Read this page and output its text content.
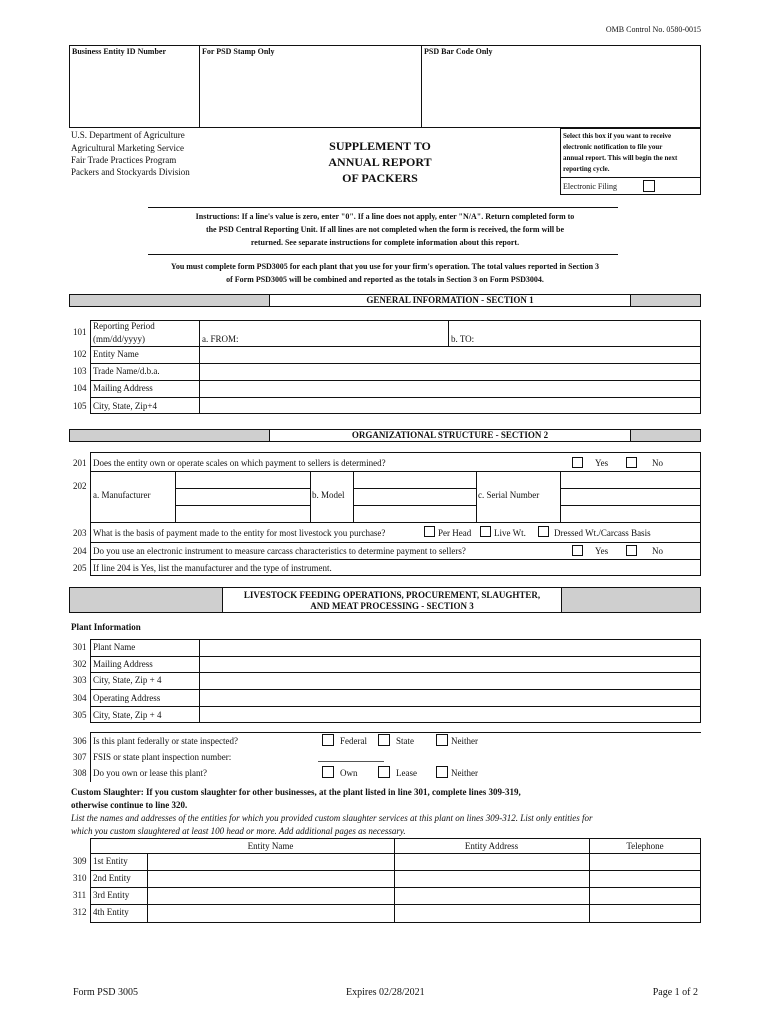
OMB Control No. 0580-0015
Business Entity ID Number	For PSD Stamp Only	PSD Bar Code Only
U.S. Department of Agriculture
Agricultural Marketing Service
Fair Trade Practices Program
Packers and Stockyards Division
SUPPLEMENT TO
ANNUAL REPORT
OF PACKERS
Select this box if you want to receive
electronic notification to file your
annual report. This will begin the next
reporting cycle.
Electronic Filing
Instructions: If a line's value is zero, enter "0". If a line does not apply, enter "N/A". Return completed form to
the PSD Central Reporting Unit. If all lines are not completed when the form is received, the form will be
returned. See separate instructions for complete information about this report.
You must complete form PSD3005 for each plant that you use for your firm's operation. The total values reported in Section 3
of Form PSD3005 will be combined and reported as the totals in Section 3 on Form PSD3004.
GENERAL INFORMATION - SECTION 1
101
Reporting Period
(mm/dd/yyyy)	a. FROM:	b. TO:
102 Entity Name
103 Trade Name/d.b.a.
104 Mailing Address
105 City, State, Zip+4
ORGANIZATIONAL STRUCTURE - SECTION 2
201 Does the entity own or operate scales on which payment to sellers is determined?	Yes	No
202
a. Manufacturer	b. Model	c. Serial Number
203 What is the basis of payment made to the entity for most livestock you purchase?	Per Head	Live Wt.	Dressed Wt./Carcass Basis
204 Do you use an electronic instrument to measure carcass characteristics to determine payment to sellers?	Yes	No
205 If line 204 is Yes, list the manufacturer and the type of instrument.
LIVESTOCK FEEDING OPERATIONS, PROCUREMENT, SLAUGHTER,
AND MEAT PROCESSING - SECTION 3
Plant Information
301 Plant Name
302 Mailing Address
303 City, State, Zip + 4
304 Operating Address
305 City, State, Zip + 4
306 Is this plant federally or state inspected?	Federal	State	Neither
307 FSIS or state plant inspection number:
308 Do you own or lease this plant?	Own	Lease	Neither
Custom Slaughter: If you custom slaughter for other businesses, at the plant listed in line 301, complete lines 309-319,
otherwise continue to line 320.
List the names and addresses of the entities for which you provided custom slaughter services at this plant on lines 309-312. List only entities for
which you custom slaughtered at least 100 head or more. Add additional pages as necessary.
Entity Name	Entity Address	Telephone
309 1st Entity
310 2nd Entity
311 3rd Entity
312 4th Entity
Form PSD 3005	Expires 02/28/2021	Page 1 of 2
